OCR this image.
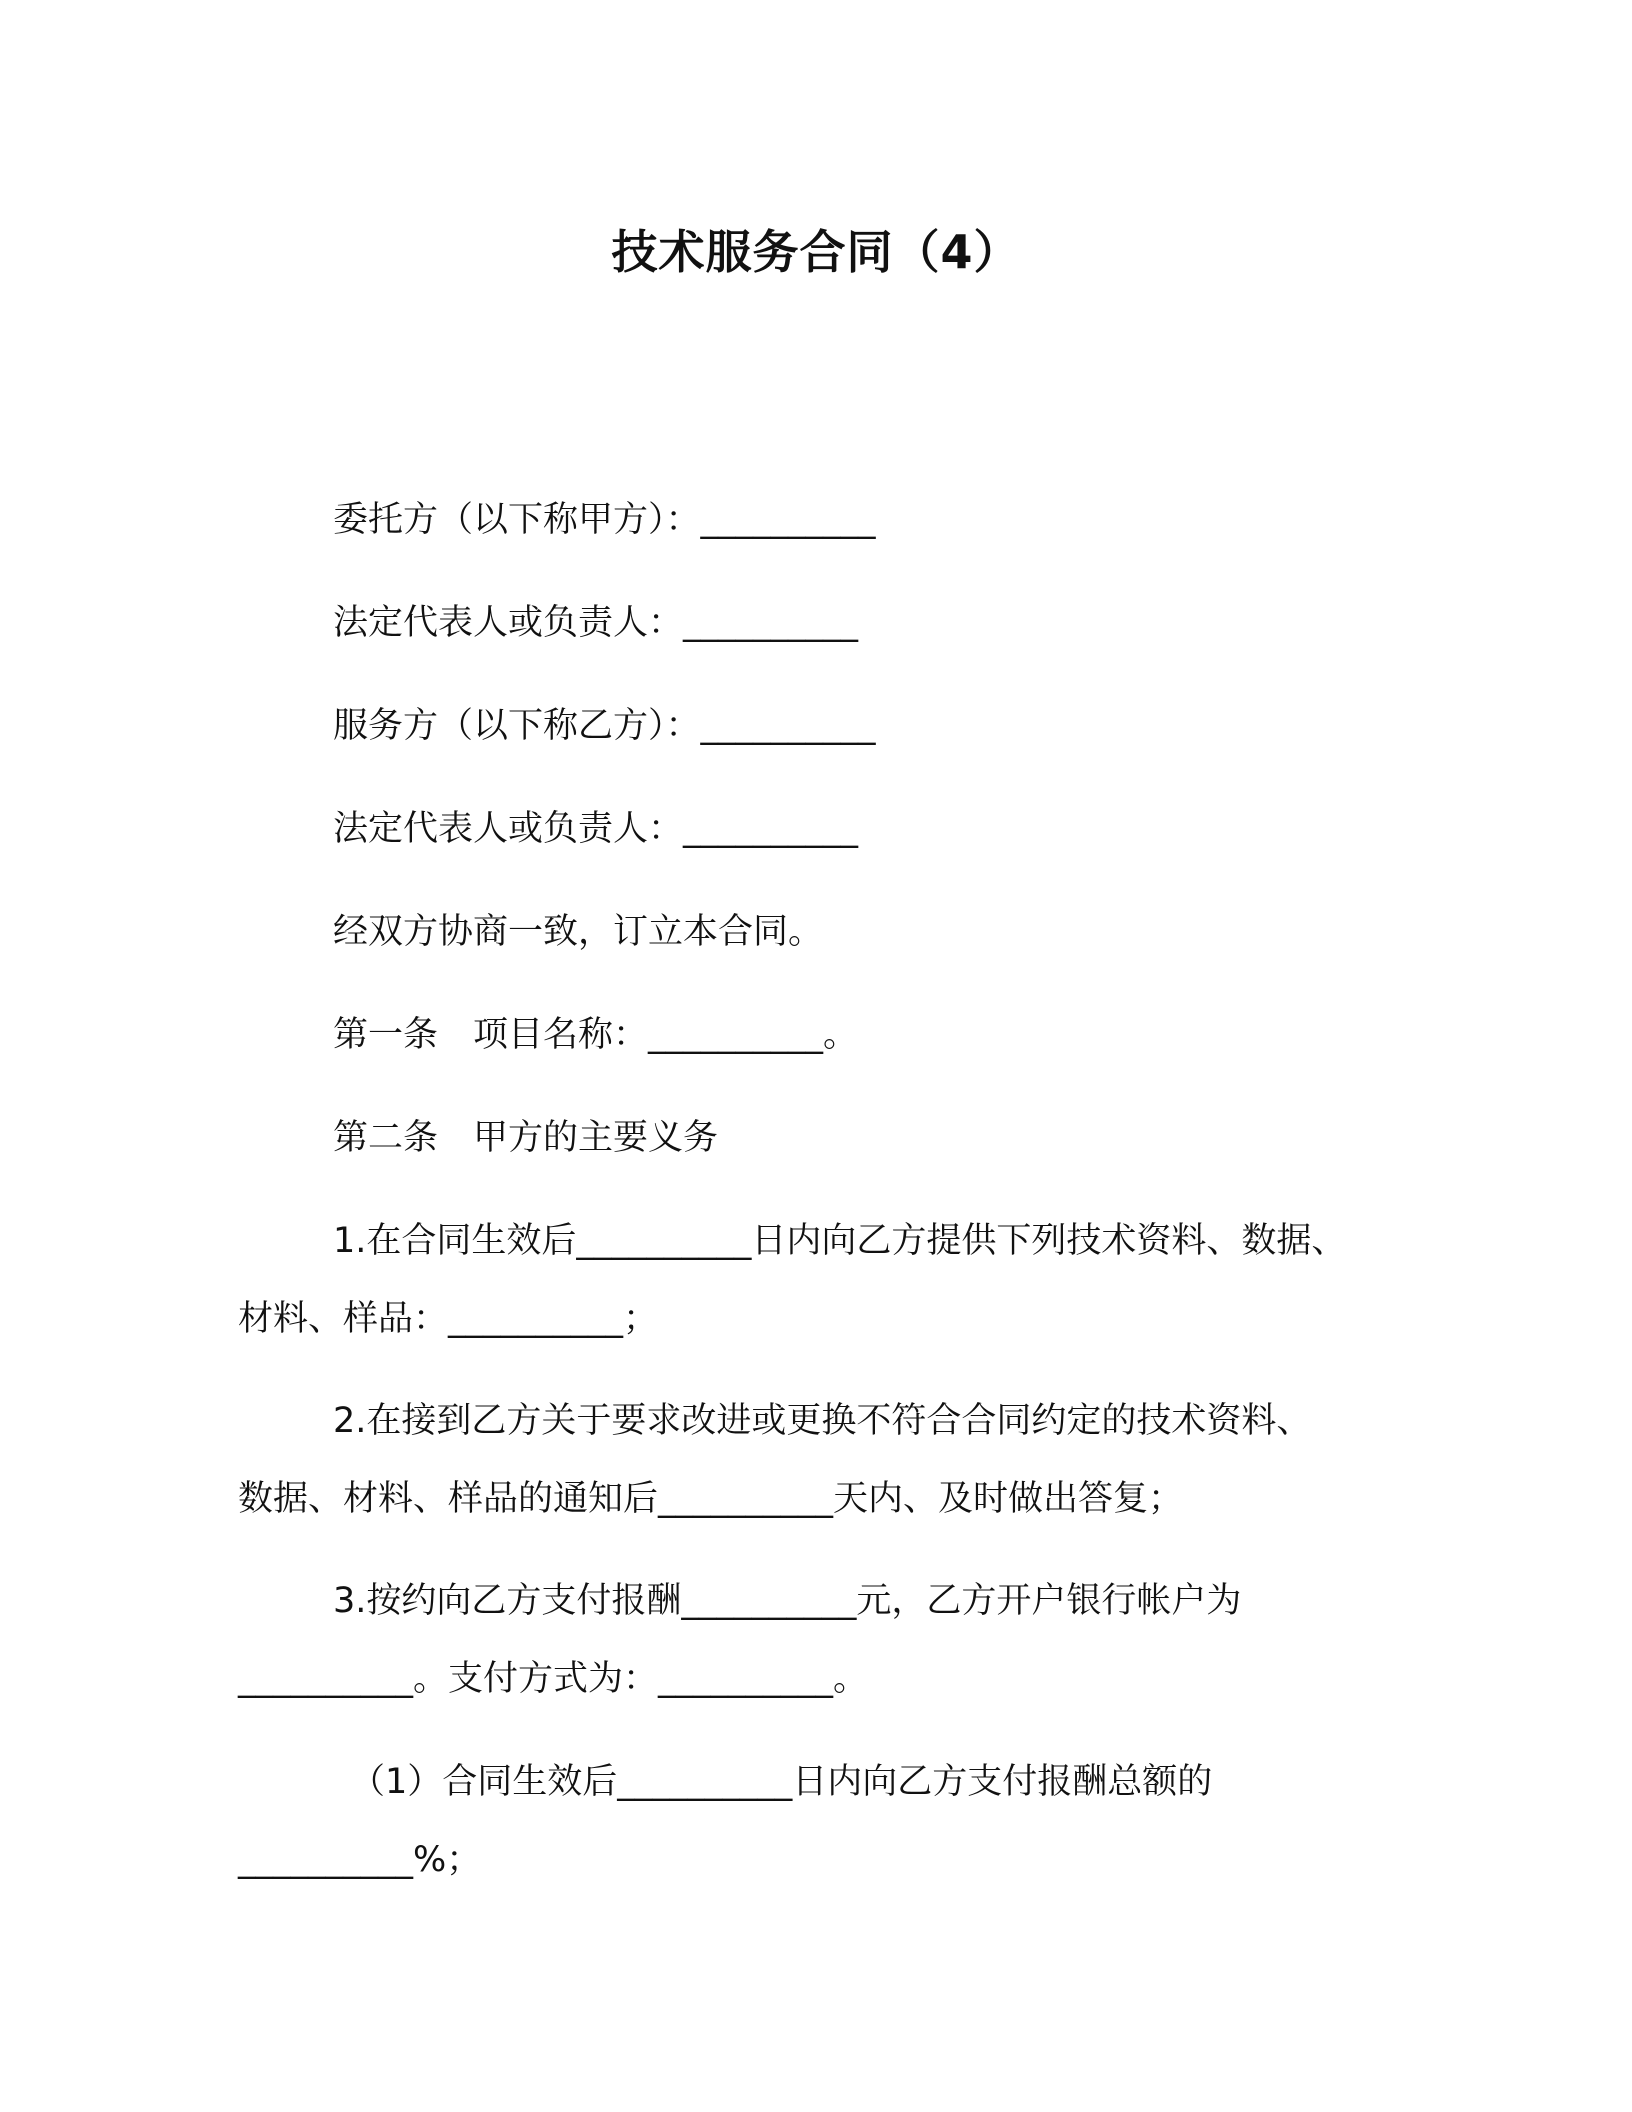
技术服务合同（4）
委托方（以下称甲方）：__________
法定代表人或负责人：__________
服务方（以下称乙方）：__________
法定代表人或负责人：__________
经双方协商一致，订立本合同。
第一条　项目名称：__________。
第二条　甲方的主要义务
1.在合同生效后__________日内向乙方提供下列技术资料、数据、
材料、样品：__________；
2.在接到乙方关于要求改进或更换不符合合同约定的技术资料、
数据、材料、样品的通知后__________天内、及时做出答复；
3.按约向乙方支付报酬__________元，乙方开户银行帐户为
__________。支付方式为：__________。
（1）合同生效后__________日内向乙方支付报酬总额的
__________%；
